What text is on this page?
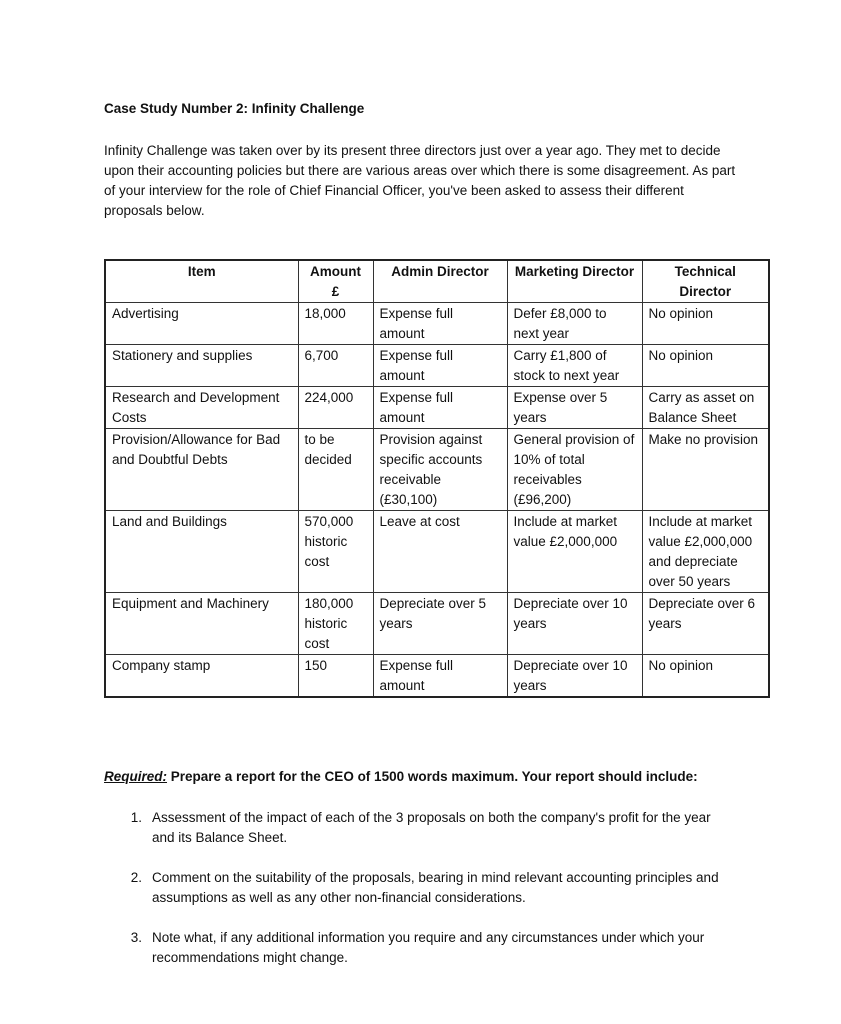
Case Study Number 2: Infinity Challenge
Infinity Challenge was taken over by its present three directors just over a year ago. They met to decide upon their accounting policies but there are various areas over which there is some disagreement. As part of your interview for the role of Chief Financial Officer, you've been asked to assess their different proposals below.
Item	Amount £	Admin Director	Marketing Director	Technical Director
Advertising	18,000	Expense full amount	Defer £8,000 to next year	No opinion
Stationery and supplies	6,700	Expense full amount	Carry £1,800 of stock to next year	No opinion
Research and Development Costs	224,000	Expense full amount	Expense over 5 years	Carry as asset on Balance Sheet
Provision/Allowance for Bad and Doubtful Debts	to be decided	Provision against specific accounts receivable (£30,100)	General provision of 10% of total receivables (£96,200)	Make no provision
Land and Buildings	570,000 historic cost	Leave at cost	Include at market value £2,000,000	Include at market value £2,000,000 and depreciate over 50 years
Equipment and Machinery	180,000 historic cost	Depreciate over 5 years	Depreciate over 10 years	Depreciate over 6 years
Company stamp	150	Expense full amount	Depreciate over 10 years	No opinion
Required: Prepare a report for the CEO of 1500 words maximum. Your report should include:
1. Assessment of the impact of each of the 3 proposals on both the company's profit for the year and its Balance Sheet.
2. Comment on the suitability of the proposals, bearing in mind relevant accounting principles and assumptions as well as any other non-financial considerations.
3. Note what, if any additional information you require and any circumstances under which your recommendations might change.
